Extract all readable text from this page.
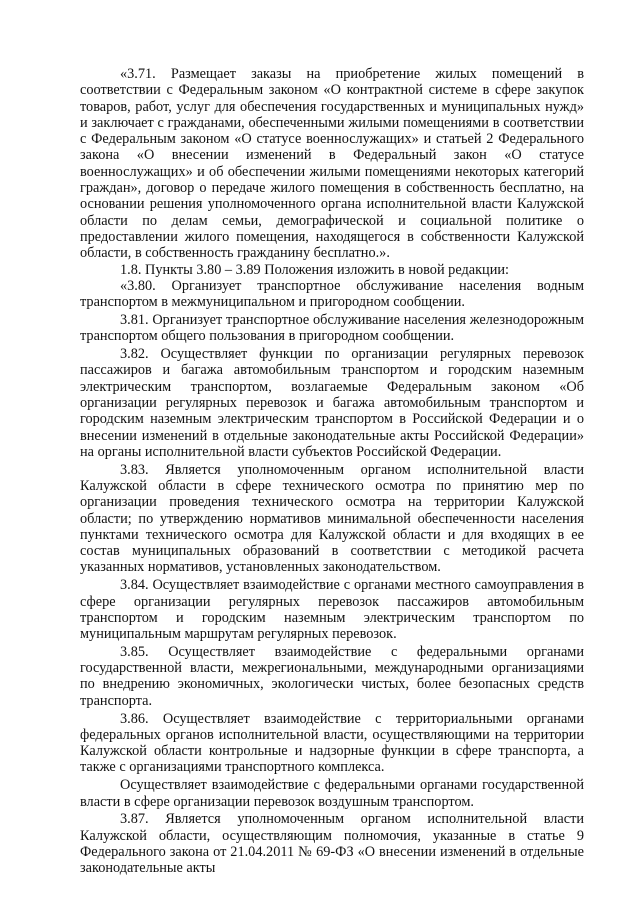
«3.71. Размещает заказы на приобретение жилых помещений в соответствии с Федеральным законом «О контрактной системе в сфере закупок товаров, работ, услуг для обеспечения государственных и муниципальных нужд» и заключает с гражданами, обеспеченными жилыми помещениями в соответствии с Федеральным законом «О статусе военнослужащих» и статьей 2 Федерального закона «О внесении изменений в Федеральный закон «О статусе военнослужащих» и об обеспечении жилыми помещениями некоторых категорий граждан», договор о передаче жилого помещения в собственность бесплатно, на основании решения уполномоченного органа исполнительной власти Калужской области по делам семьи, демографической и социальной политике о предоставлении жилого помещения, находящегося в собственности Калужской области, в собственность гражданину бесплатно.».

1.8. Пункты 3.80 – 3.89 Положения изложить в новой редакции:

«3.80. Организует транспортное обслуживание населения водным транспортом в межмуниципальном и пригородном сообщении.

3.81. Организует транспортное обслуживание населения железнодорожным транспортом общего пользования в пригородном сообщении.

3.82. Осуществляет функции по организации регулярных перевозок пассажиров и багажа автомобильным транспортом и городским наземным электрическим транспортом, возлагаемые Федеральным законом «Об организации регулярных перевозок и багажа автомобильным транспортом и городским наземным электрическим транспортом в Российской Федерации и о внесении изменений в отдельные законодательные акты Российской Федерации» на органы исполнительной власти субъектов Российской Федерации.

3.83. Является уполномоченным органом исполнительной власти Калужской области в сфере технического осмотра по принятию мер по организации проведения технического осмотра на территории Калужской области; по утверждению нормативов минимальной обеспеченности населения пунктами технического осмотра для Калужской области и для входящих в ее состав муниципальных образований в соответствии с методикой расчета указанных нормативов, установленных законодательством.

3.84. Осуществляет взаимодействие с органами местного самоуправления в сфере организации регулярных перевозок пассажиров автомобильным транспортом и городским наземным электрическим транспортом по муниципальным маршрутам регулярных перевозок.

3.85. Осуществляет взаимодействие с федеральными органами государственной власти, межрегиональными, международными организациями по внедрению экономичных, экологически чистых, более безопасных средств транспорта.

3.86. Осуществляет взаимодействие с территориальными органами федеральных органов исполнительной власти, осуществляющими на территории Калужской области контрольные и надзорные функции в сфере транспорта, а также с организациями транспортного комплекса.

Осуществляет взаимодействие с федеральными органами государственной власти в сфере организации перевозок воздушным транспортом.

3.87. Является уполномоченным органом исполнительной власти Калужской области, осуществляющим полномочия, указанные в статье 9 Федерального закона от 21.04.2011 № 69-ФЗ «О внесении изменений в отдельные законодательные акты
